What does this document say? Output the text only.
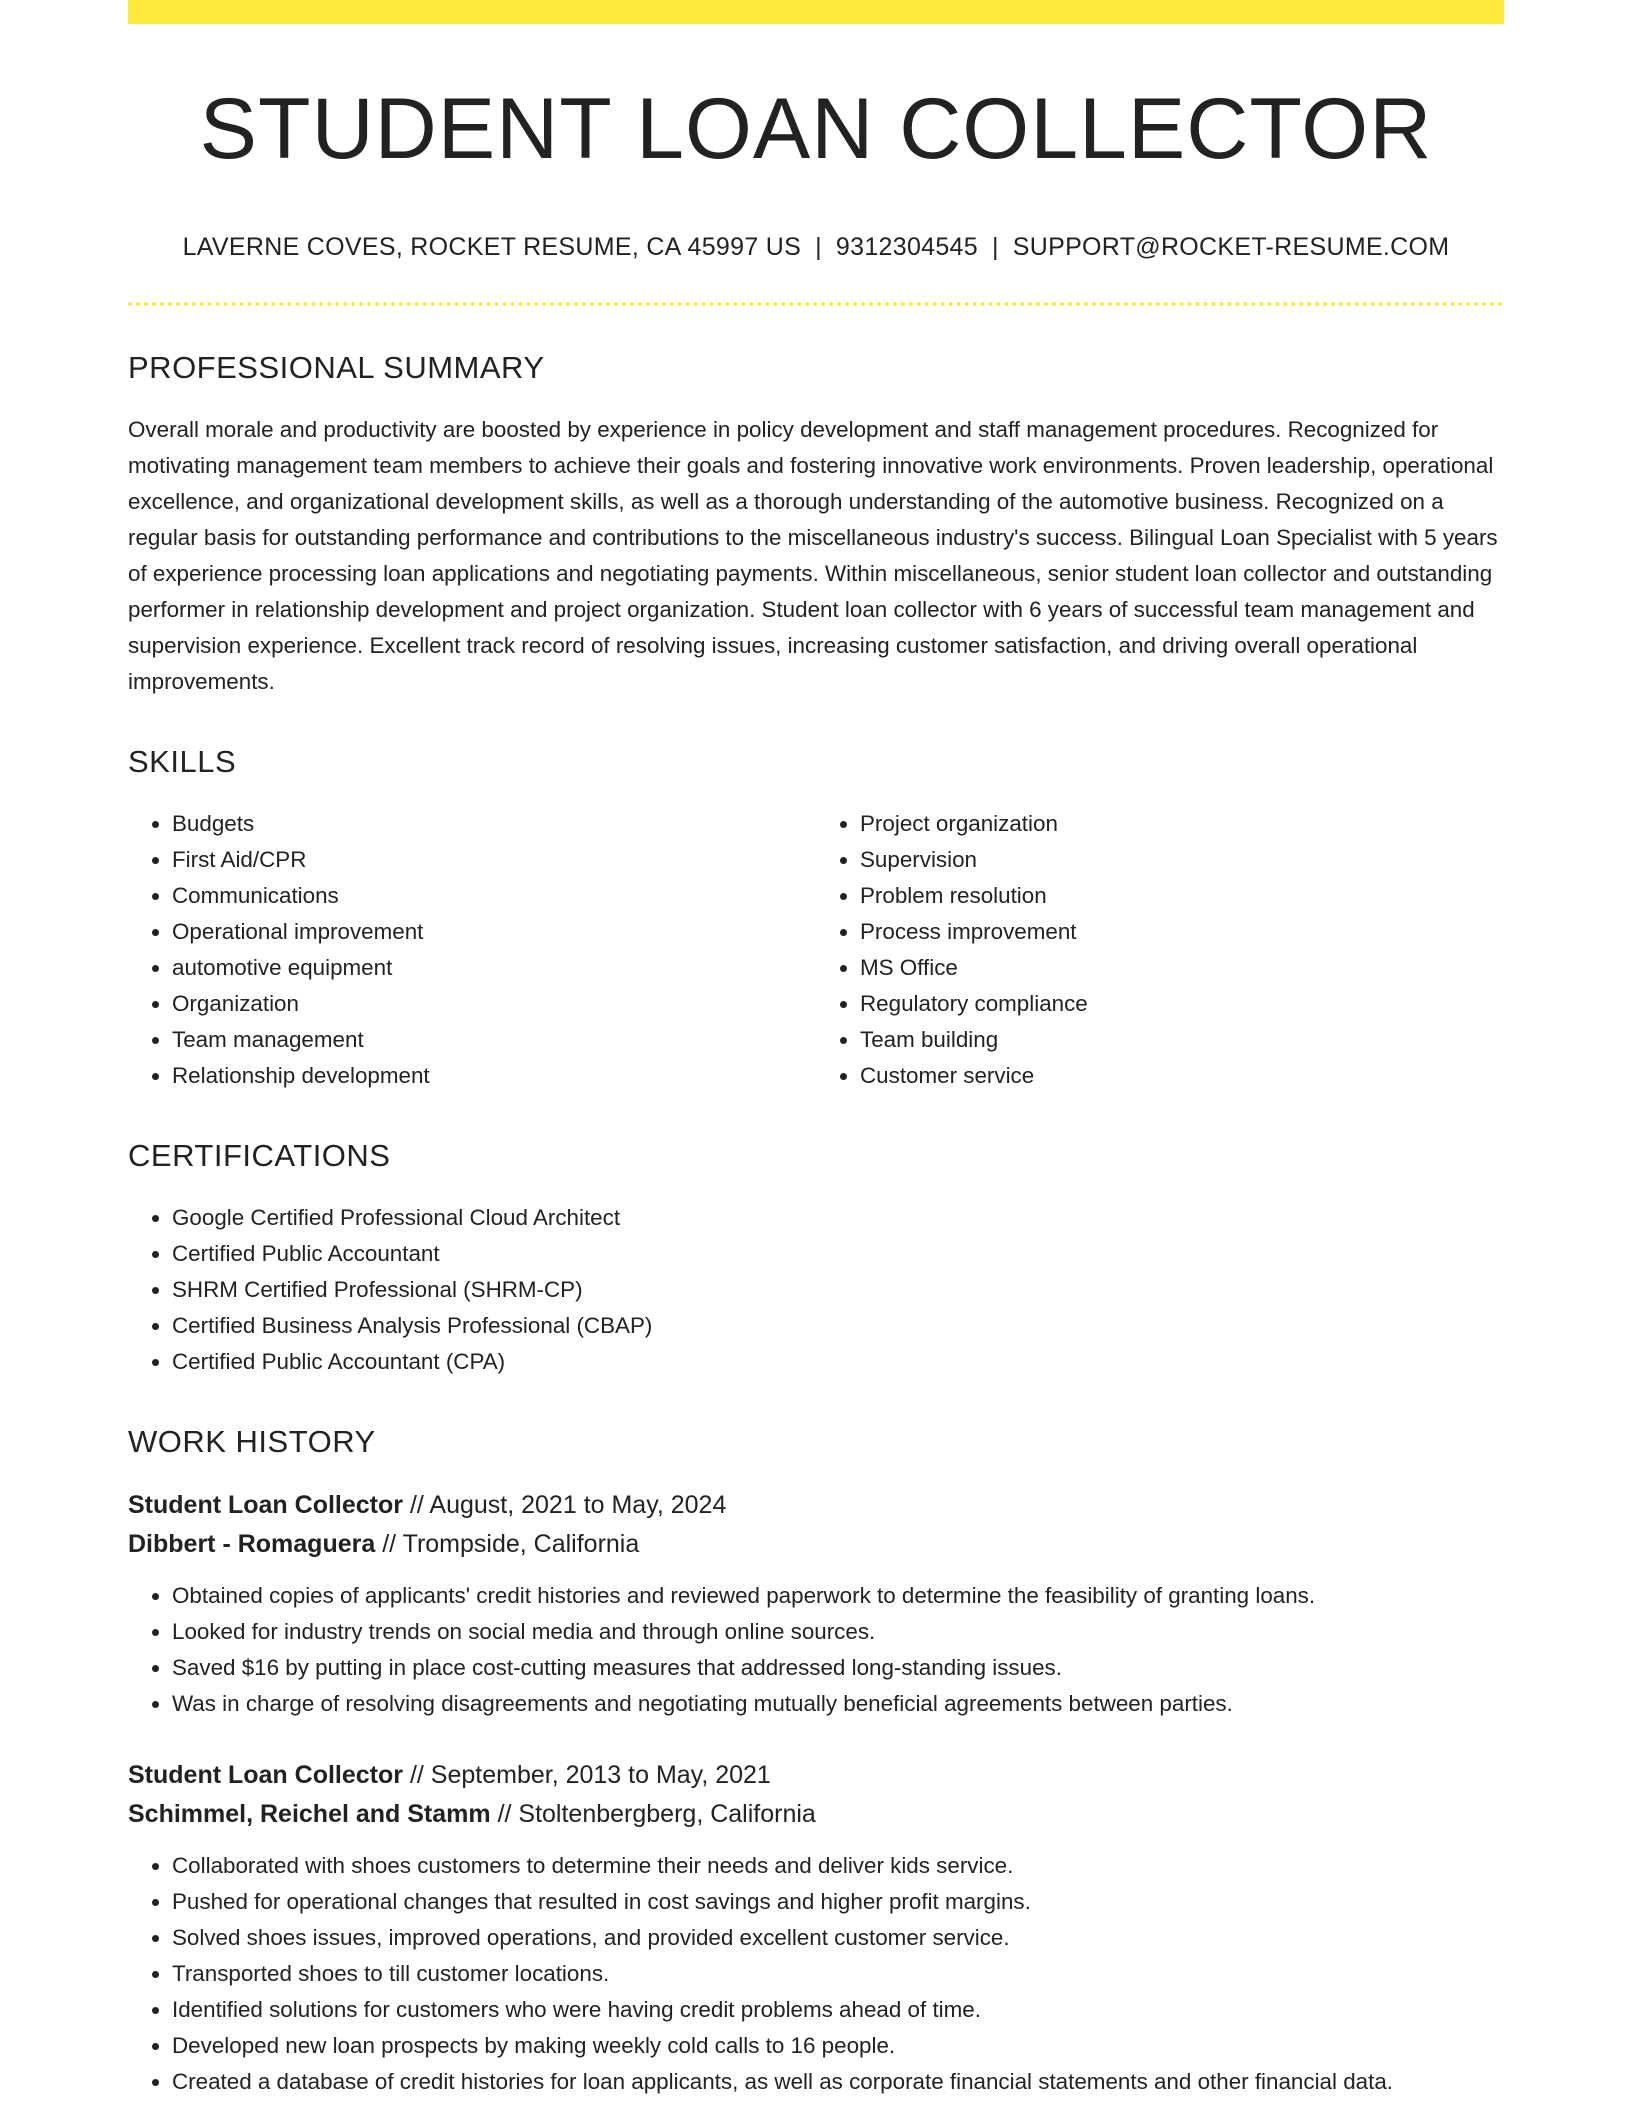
STUDENT LOAN COLLECTOR
LAVERNE COVES, ROCKET RESUME, CA 45997 US | 9312304545 | SUPPORT@ROCKET-RESUME.COM
PROFESSIONAL SUMMARY

Overall morale and productivity are boosted by experience in policy development and staff management procedures. Recognized for motivating management team members to achieve their goals and fostering innovative work environments. Proven leadership, operational excellence, and organizational development skills, as well as a thorough understanding of the automotive business. Recognized on a regular basis for outstanding performance and contributions to the miscellaneous industry's success. Bilingual Loan Specialist with 5 years of experience processing loan applications and negotiating payments. Within miscellaneous, senior student loan collector and outstanding performer in relationship development and project organization. Student loan collector with 6 years of successful team management and supervision experience. Excellent track record of resolving issues, increasing customer satisfaction, and driving overall operational improvements.

SKILLS
• Budgets
• First Aid/CPR
• Communications
• Operational improvement
• automotive equipment
• Organization
• Team management
• Relationship development
• Project organization
• Supervision
• Problem resolution
• Process improvement
• MS Office
• Regulatory compliance
• Team building
• Customer service
CERTIFICATIONS
• Google Certified Professional Cloud Architect
• Certified Public Accountant
• SHRM Certified Professional (SHRM-CP)
• Certified Business Analysis Professional (CBAP)
• Certified Public Accountant (CPA)
WORK HISTORY
Student Loan Collector // August, 2021 to May, 2024
Dibbert - Romaguera // Trompside, California
• Obtained copies of applicants' credit histories and reviewed paperwork to determine the feasibility of granting loans.
• Looked for industry trends on social media and through online sources.
• Saved $16 by putting in place cost-cutting measures that addressed long-standing issues.
• Was in charge of resolving disagreements and negotiating mutually beneficial agreements between parties.
Student Loan Collector // September, 2013 to May, 2021
Schimmel, Reichel and Stamm // Stoltenbergberg, California
• Collaborated with shoes customers to determine their needs and deliver kids service.
• Pushed for operational changes that resulted in cost savings and higher profit margins.
• Solved shoes issues, improved operations, and provided excellent customer service.
• Transported shoes to till customer locations.
• Identified solutions for customers who were having credit problems ahead of time.
• Developed new loan prospects by making weekly cold calls to 16 people.
• Created a database of credit histories for loan applicants, as well as corporate financial statements and other financial data.
